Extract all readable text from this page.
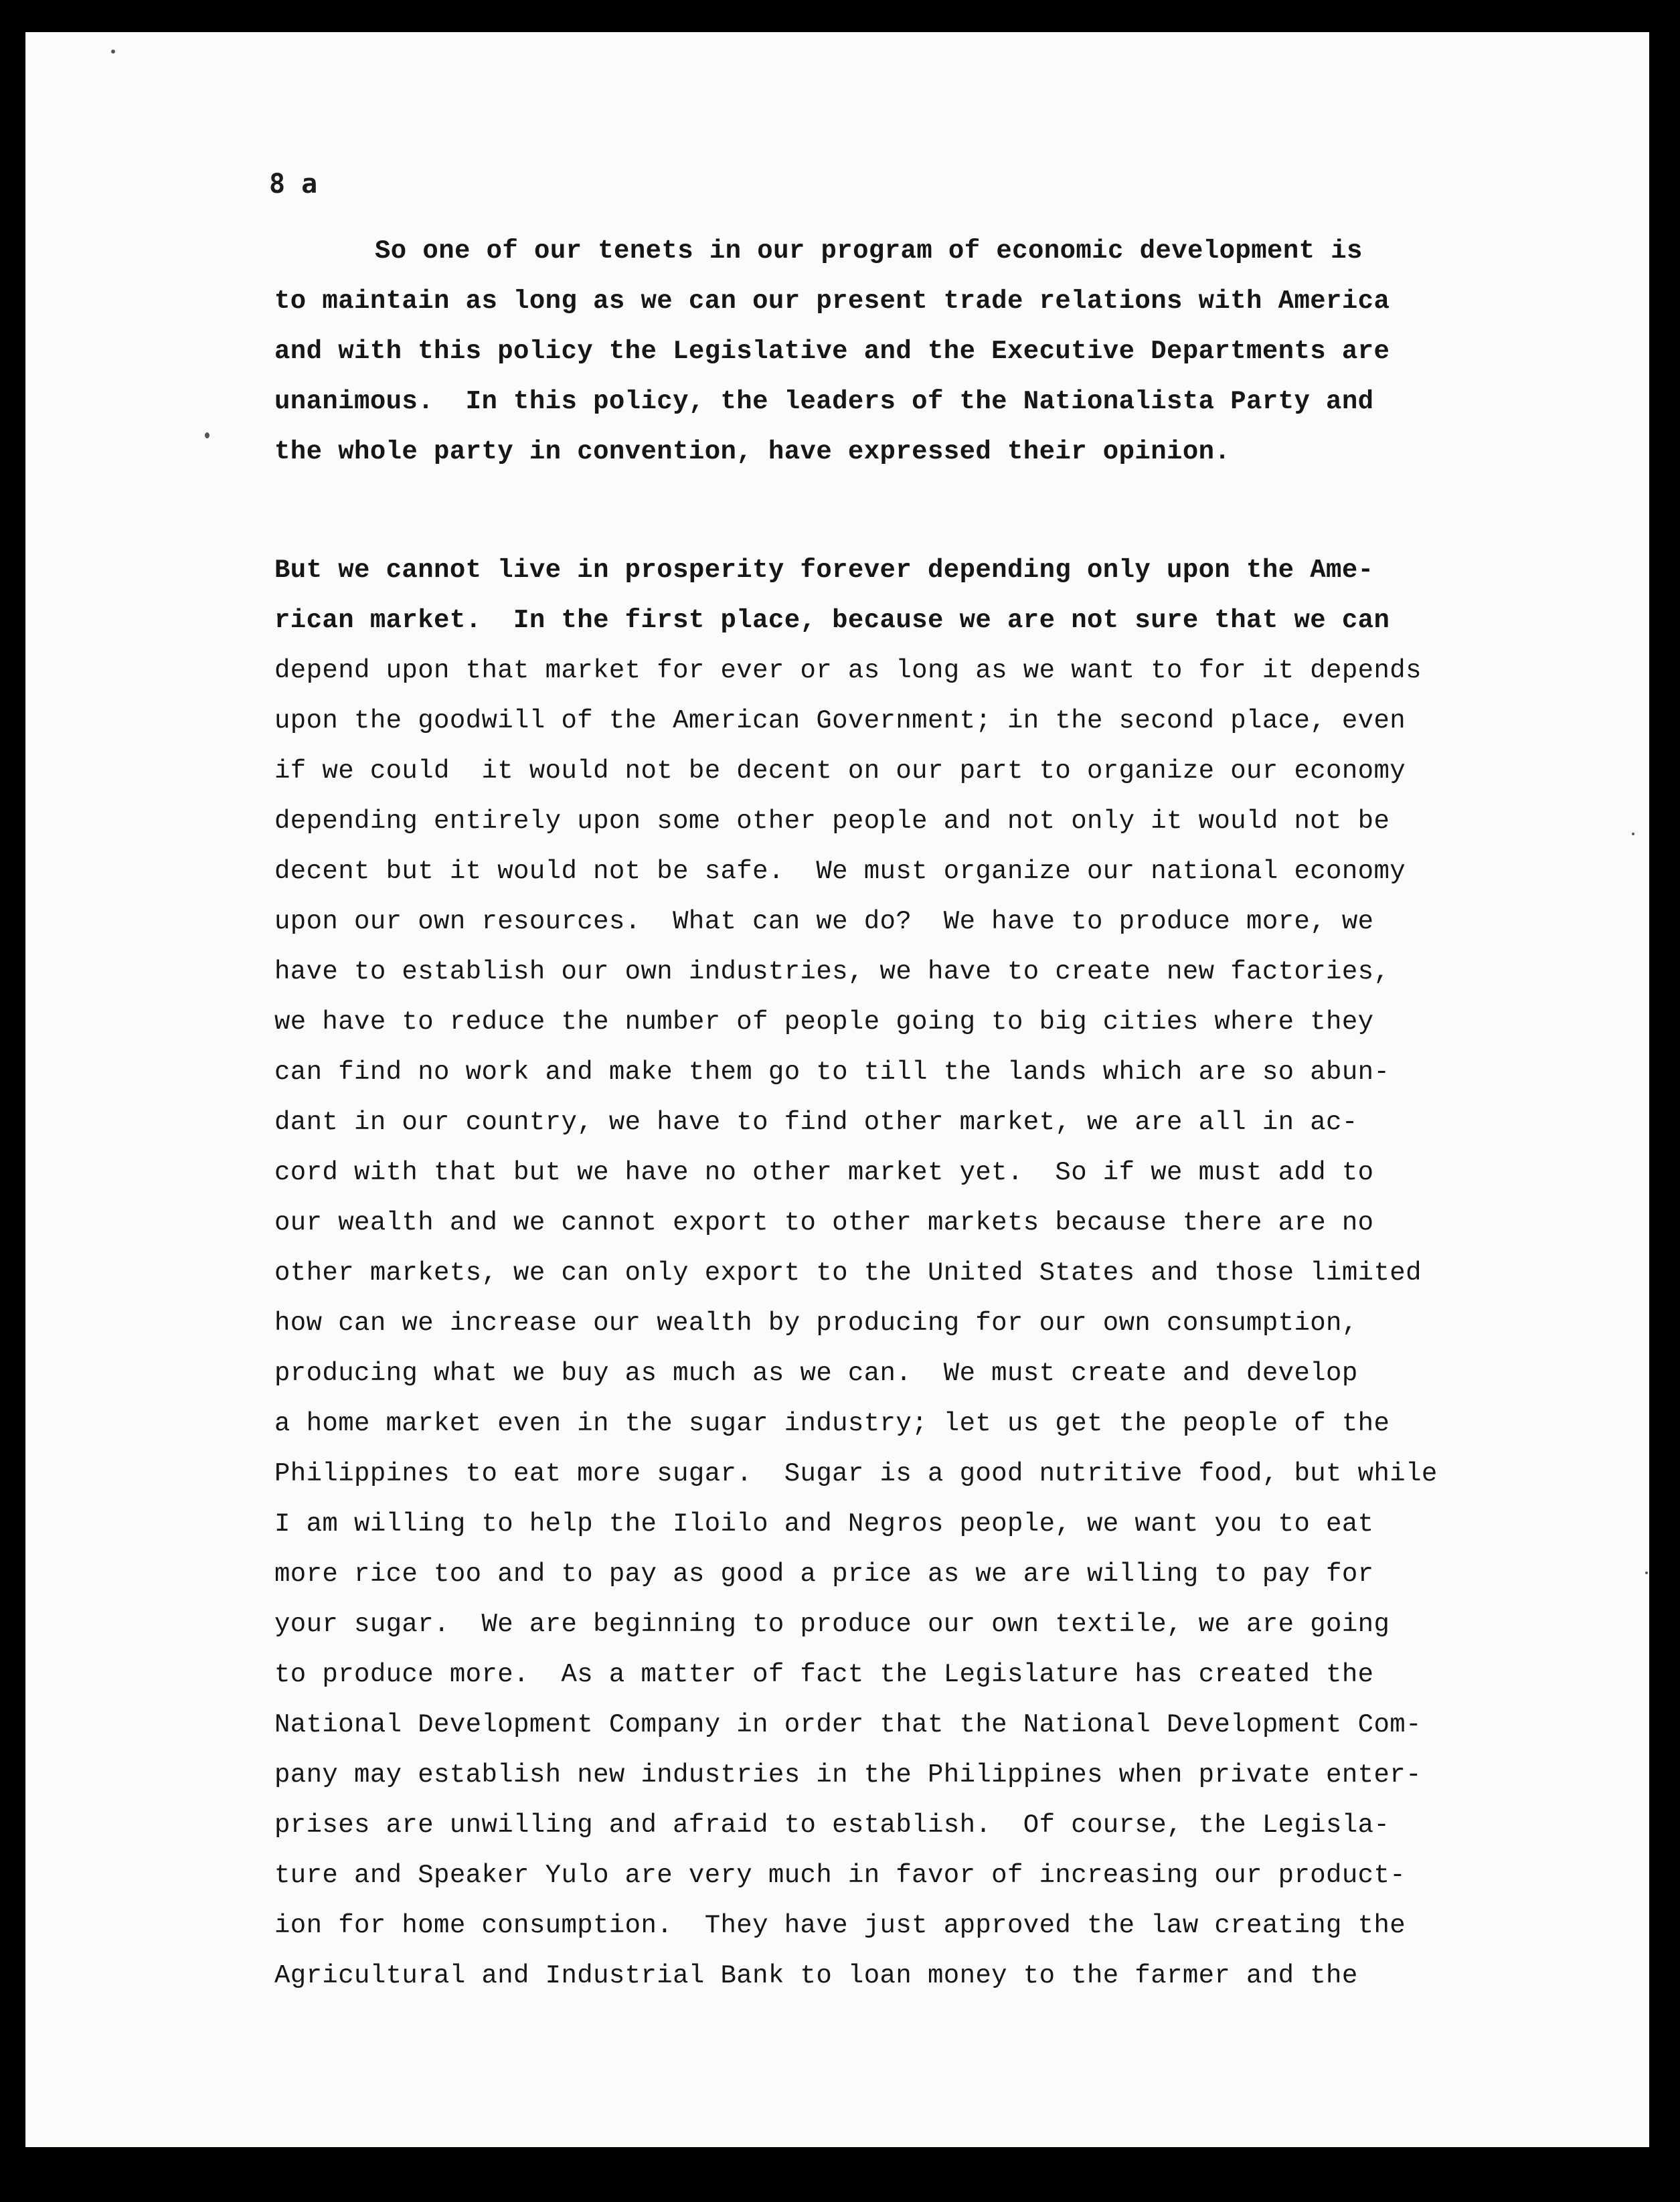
8 a
So one of our tenets in our program of economic development is
to maintain as long as we can our present trade relations with America
and with this policy the Legislative and the Executive Departments are
unanimous.  In this policy, the leaders of the Nationalista Party and
the whole party in convention, have expressed their opinion.
But we cannot live in prosperity forever depending only upon the Ame-
rican market.  In the first place, because we are not sure that we can
depend upon that market for ever or as long as we want to for it depends
upon the goodwill of the American Government; in the second place, even
if we could  it would not be decent on our part to organize our economy
depending entirely upon some other people and not only it would not be
decent but it would not be safe.  We must organize our national economy
upon our own resources.  What can we do?  We have to produce more, we
have to establish our own industries, we have to create new factories,
we have to reduce the number of people going to big cities where they
can find no work and make them go to till the lands which are so abun-
dant in our country, we have to find other market, we are all in ac-
cord with that but we have no other market yet.  So if we must add to
our wealth and we cannot export to other markets because there are no
other markets, we can only export to the United States and those limited
how can we increase our wealth by producing for our own consumption,
producing what we buy as much as we can.  We must create and develop
a home market even in the sugar industry; let us get the people of the
Philippines to eat more sugar.  Sugar is a good nutritive food, but while
I am willing to help the Iloilo and Negros people, we want you to eat
more rice too and to pay as good a price as we are willing to pay for
your sugar.  We are beginning to produce our own textile, we are going
to produce more.  As a matter of fact the Legislature has created the
National Development Company in order that the National Development Com-
pany may establish new industries in the Philippines when private enter-
prises are unwilling and afraid to establish.  Of course, the Legisla-
ture and Speaker Yulo are very much in favor of increasing our product-
ion for home consumption.  They have just approved the law creating the
Agricultural and Industrial Bank to loan money to the farmer and the
